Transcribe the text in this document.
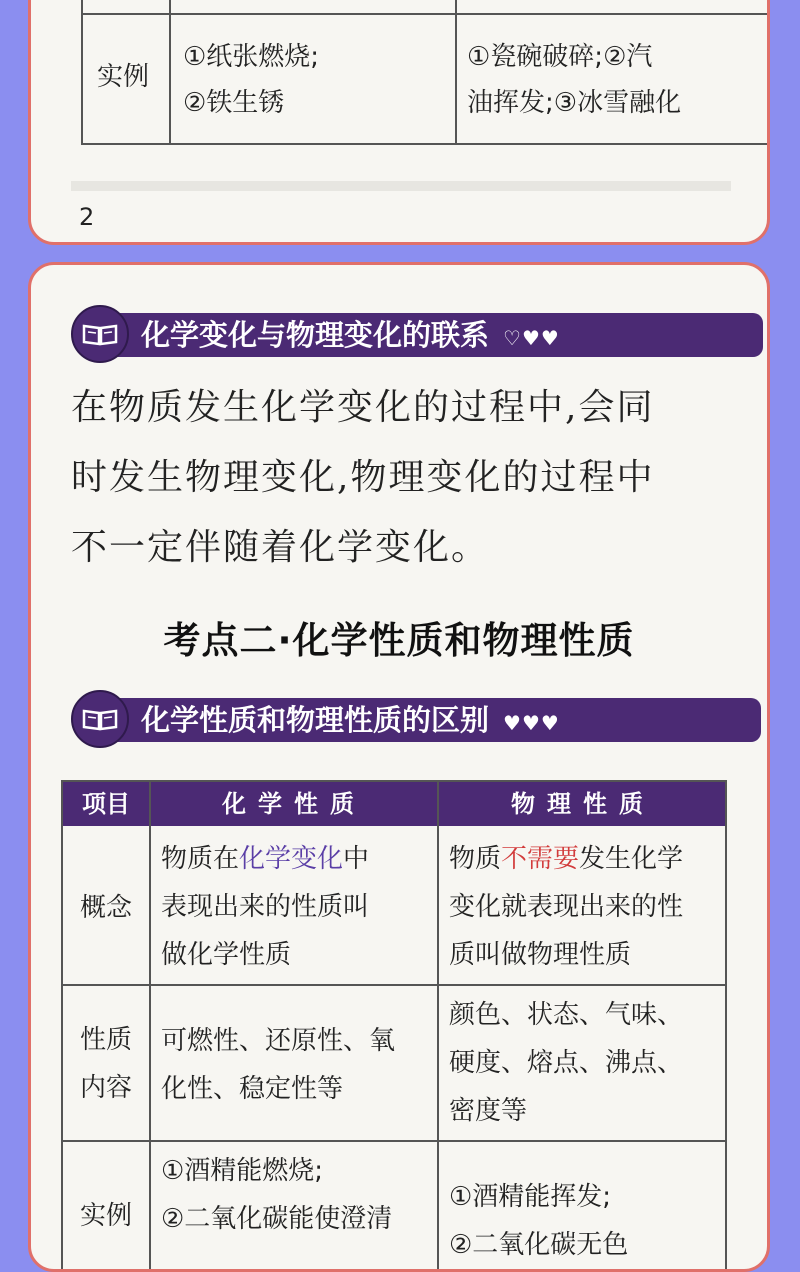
实例
①纸张燃烧;
②铁生锈
①瓷碗破碎;②汽
油挥发;③冰雪融化
2
化学变化与物理变化的联系 ♡♥♥
在物质发生化学变化的过程中,会同
时发生物理变化,物理变化的过程中
不一定伴随着化学变化。
考点二·化学性质和物理性质
化学性质和物理性质的区别 ♥♥♥
项目	化学性质	物理性质
概念
物质在化学变化中
表现出来的性质叫
做化学性质
物质不需要发生化学
变化就表现出来的性
质叫做物理性质
性质
内容
可燃性、还原性、氧
化性、稳定性等
颜色、状态、气味、
硬度、熔点、沸点、
密度等
实例
①酒精能燃烧;
②二氧化碳能使澄清
①酒精能挥发;
②二氧化碳无色
